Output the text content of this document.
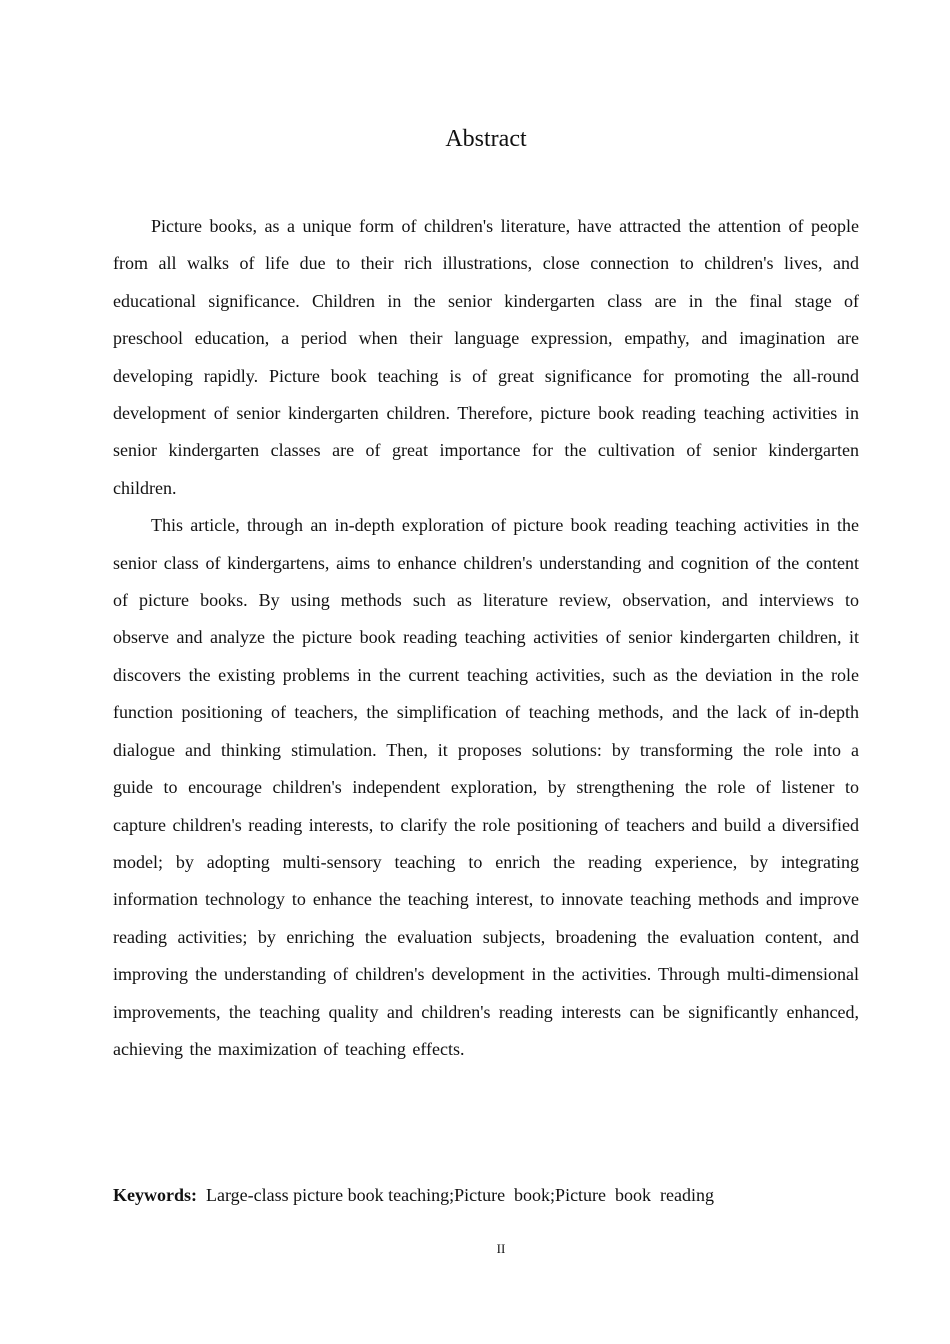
Abstract

Picture books, as a unique form of children's literature, have attracted the attention of people from all walks of life due to their rich illustrations, close connection to children's lives, and educational significance. Children in the senior kindergarten class are in the final stage of preschool education, a period when their language expression, empathy, and imagination are developing rapidly. Picture book teaching is of great significance for promoting the all-round development of senior kindergarten children. Therefore, picture book reading teaching activities in senior kindergarten classes are of great importance for the cultivation of senior kindergarten children.

This article, through an in-depth exploration of picture book reading teaching activities in the senior class of kindergartens, aims to enhance children's understanding and cognition of the content of picture books. By using methods such as literature review, observation, and interviews to observe and analyze the picture book reading teaching activities of senior kindergarten children, it discovers the existing problems in the current teaching activities, such as the deviation in the role function positioning of teachers, the simplification of teaching methods, and the lack of in-depth dialogue and thinking stimulation. Then, it proposes solutions: by transforming the role into a guide to encourage children's independent exploration, by strengthening the role of listener to capture children's reading interests, to clarify the role positioning of teachers and build a diversified model; by adopting multi-sensory teaching to enrich the reading experience, by integrating information technology to enhance the teaching interest, to innovate teaching methods and improve reading activities; by enriching the evaluation subjects, broadening the evaluation content, and improving the understanding of children's development in the activities. Through multi-dimensional improvements, the teaching quality and children's reading interests can be significantly enhanced, achieving the maximization of teaching effects.

Keywords: Large-class picture book teaching;Picture  book;Picture  book  reading

II
